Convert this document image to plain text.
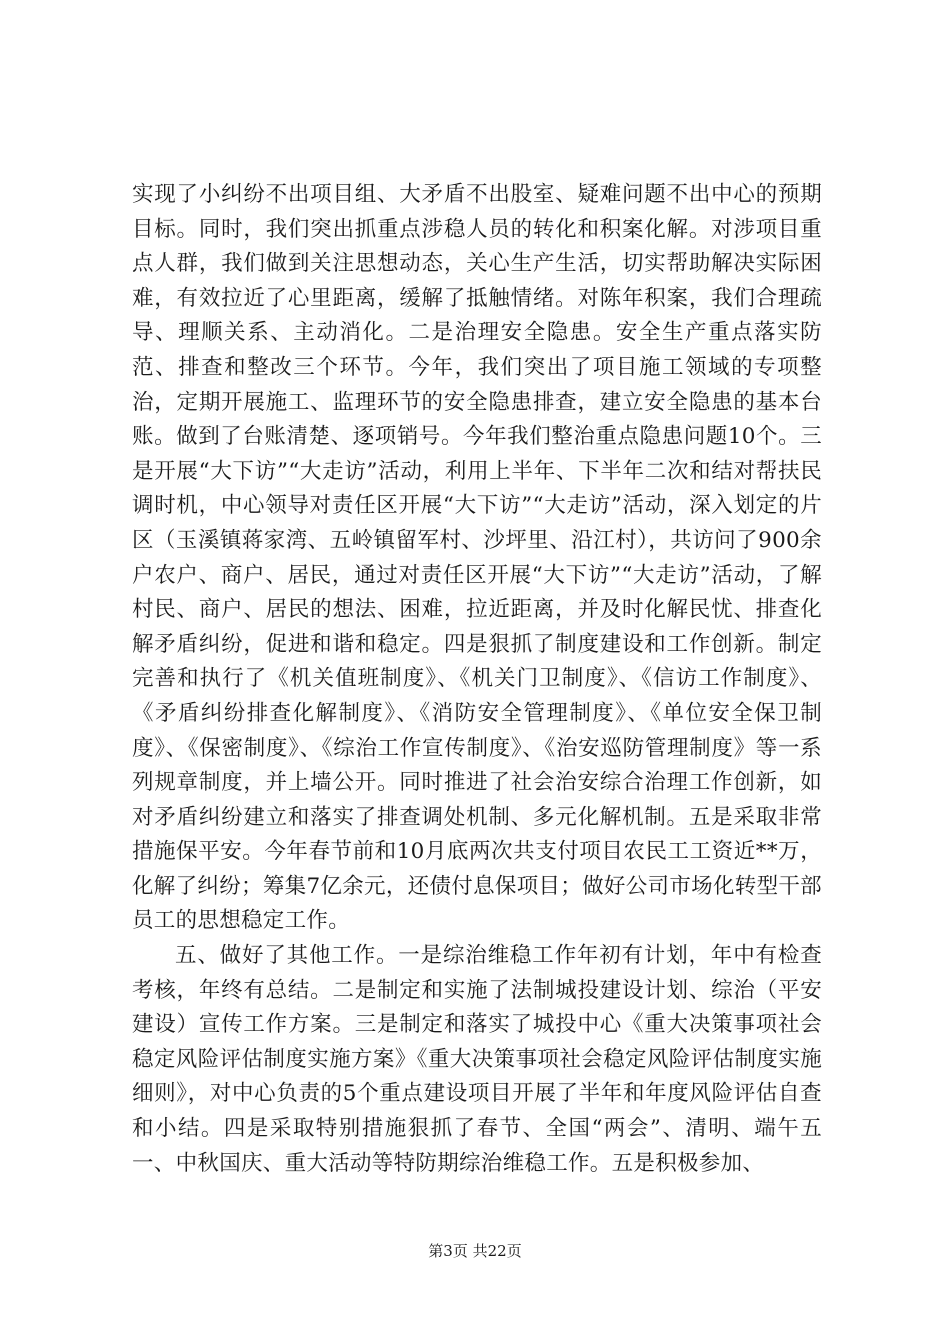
实现了小纠纷不出项目组、大矛盾不出股室、疑难问题不出中心的预期目标。同时，我们突出抓重点涉稳人员的转化和积案化解。对涉项目重点人群，我们做到关注思想动态，关心生产生活，切实帮助解决实际困难，有效拉近了心里距离，缓解了抵触情绪。对陈年积案，我们合理疏导、理顺关系、主动消化。二是治理安全隐患。安全生产重点落实防范、排查和整改三个环节。今年，我们突出了项目施工领域的专项整治，定期开展施工、监理环节的安全隐患排查，建立安全隐患的基本台账。做到了台账清楚、逐项销号。今年我们整治重点隐患问题10个。三是开展“大下访”“大走访”活动，利用上半年、下半年二次和结对帮扶民调时机，中心领导对责任区开展“大下访”“大走访”活动，深入划定的片区（玉溪镇蒋家湾、五岭镇留军村、沙坪里、沿江村），共访问了900余户农户、商户、居民，通过对责任区开展“大下访”“大走访”活动，了解村民、商户、居民的想法、困难，拉近距离，并及时化解民忧、排查化解矛盾纠纷，促进和谐和稳定。四是狠抓了制度建设和工作创新。制定完善和执行了《机关值班制度》、《机关门卫制度》、《信访工作制度》、《矛盾纠纷排查化解制度》、《消防安全管理制度》、《单位安全保卫制度》、《保密制度》、《综治工作宣传制度》、《治安巡防管理制度》等一系列规章制度，并上墙公开。同时推进了社会治安综合治理工作创新，如对矛盾纠纷建立和落实了排查调处机制、多元化解机制。五是采取非常措施保平安。今年春节前和10月底两次共支付项目农民工工资近**万，化解了纠纷；筹集7亿余元，还债付息保项目；做好公司市场化转型干部员工的思想稳定工作。

五、做好了其他工作。一是综治维稳工作年初有计划，年中有检查考核，年终有总结。二是制定和实施了法制城投建设计划、综治（平安建设）宣传工作方案。三是制定和落实了城投中心《重大决策事项社会稳定风险评估制度实施方案》《重大决策事项社会稳定风险评估制度实施细则》，对中心负责的5个重点建设项目开展了半年和年度风险评估自查和小结。四是采取特别措施狠抓了春节、全国“两会”、清明、端午五一、中秋国庆、重大活动等特防期综治维稳工作。五是积极参加、

第3页 共22页
